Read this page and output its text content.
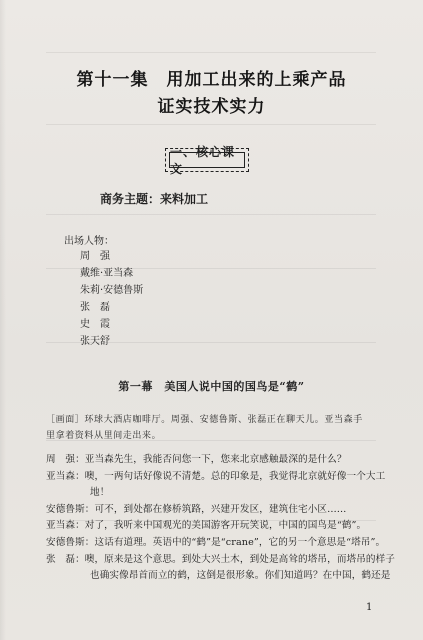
第十一集　用加工出来的上乘产品
证实技术实力
一、核心课文
商务主题：来料加工
出场人物：
周　强
戴维·亚当森
朱莉·安德鲁斯
张　磊
史　霞
张天舒
第一幕　美国人说中国的国鸟是“鹤”
［画面］环球大酒店咖啡厅。周强、安德鲁斯、张磊正在聊天儿。亚当森手
里拿着资料从里间走出来。
周　强：亚当森先生，我能否问您一下，您来北京感触最深的是什么？
亚当森：噢，一两句话好像说不清楚。总的印象是，我觉得北京就好像一个大工
地！
安德鲁斯：可不，到处都在修桥筑路，兴建开发区，建筑住宅小区……
亚当森：对了，我听来中国观光的美国游客开玩笑说，中国的国鸟是“鹤”。
安德鲁斯：这话有道理。英语中的“鹤”是“crane”，它的另一个意思是“塔吊”。
张　磊：噢，原来是这个意思。到处大兴土木，到处是高耸的塔吊，而塔吊的样子
也确实像昂首而立的鹤，这倒是很形象。你们知道吗？在中国，鹤还是
1
